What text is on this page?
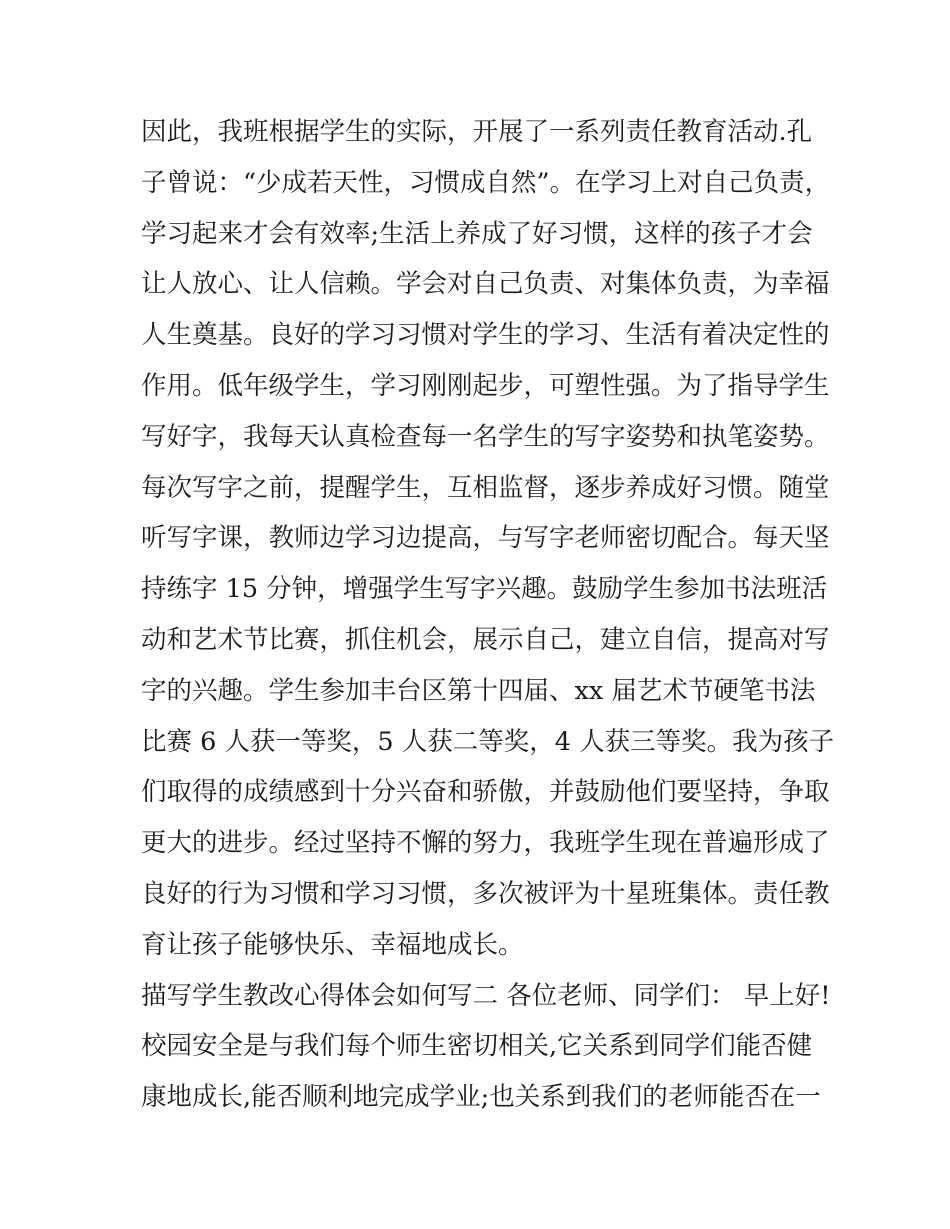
因此，我班根据学生的实际，开展了一系列责任教育活动.孔
子曾说：“少成若天性，习惯成自然”。在学习上对自己负责，
学习起来才会有效率;生活上养成了好习惯，这样的孩子才会
让人放心、让人信赖。学会对自己负责、对集体负责，为幸福
人生奠基。良好的学习习惯对学生的学习、生活有着决定性的
作用。低年级学生，学习刚刚起步，可塑性强。为了指导学生
写好字，我每天认真检查每一名学生的写字姿势和执笔姿势。
每次写字之前，提醒学生，互相监督，逐步养成好习惯。随堂
听写字课，教师边学习边提高，与写字老师密切配合。每天坚
持练字 15 分钟，增强学生写字兴趣。鼓励学生参加书法班活
动和艺术节比赛，抓住机会，展示自己，建立自信，提高对写
字的兴趣。学生参加丰台区第十四届、xx 届艺术节硬笔书法
比赛 6 人获一等奖，5 人获二等奖，4 人获三等奖。我为孩子
们取得的成绩感到十分兴奋和骄傲，并鼓励他们要坚持，争取
更大的进步。经过坚持不懈的努力，我班学生现在普遍形成了
良好的行为习惯和学习习惯，多次被评为十星班集体。责任教
育让孩子能够快乐、幸福地成长。
描写学生教改心得体会如何写二 各位老师、同学们： 早上好!
校园安全是与我们每个师生密切相关,它关系到同学们能否健
康地成长,能否顺利地完成学业;也关系到我们的老师能否在一
